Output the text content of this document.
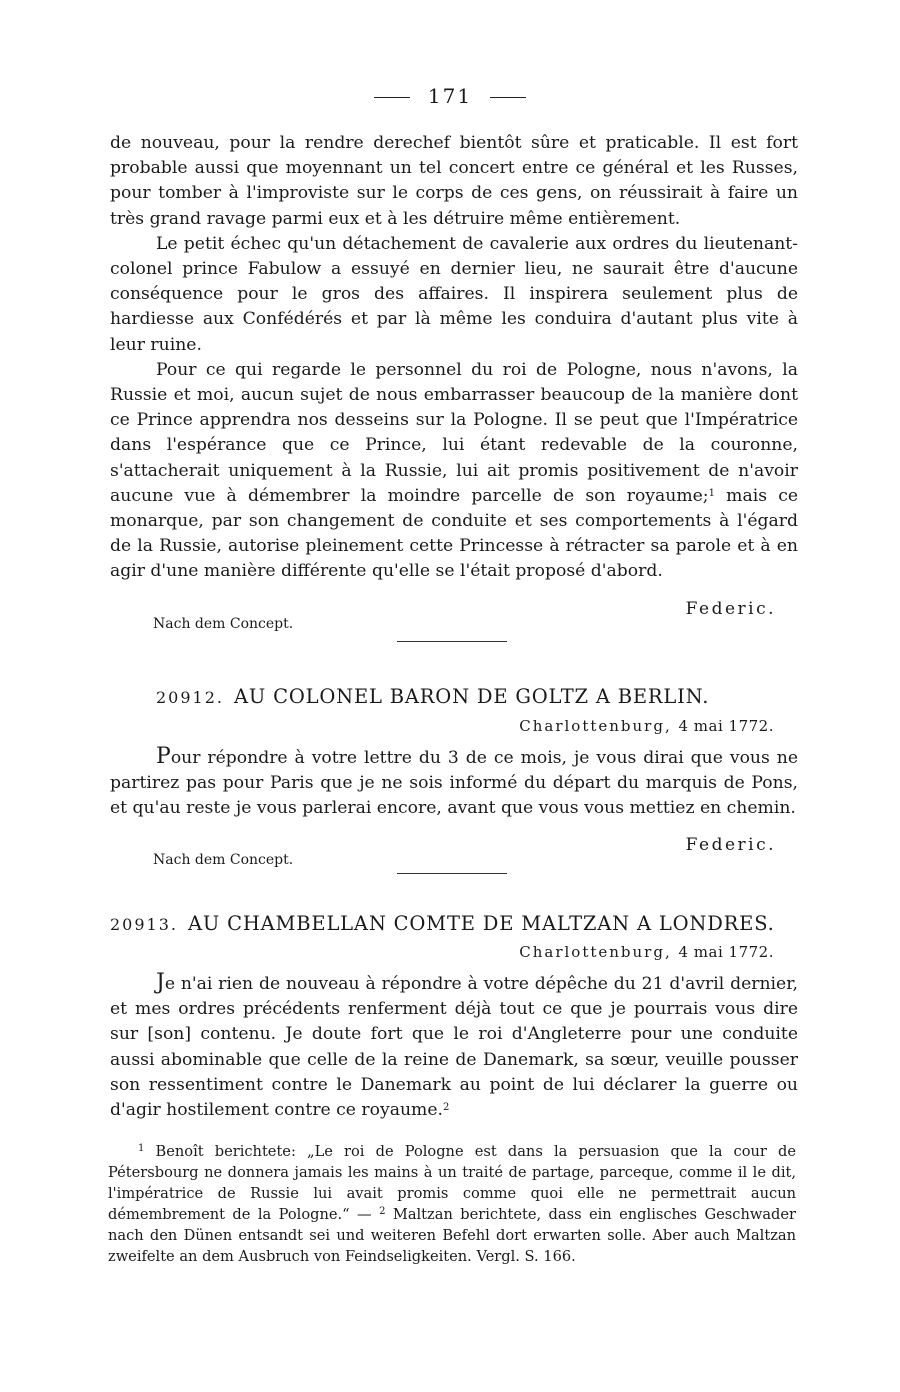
171

de nouveau, pour la rendre derechef bientôt sûre et praticable. Il est fort probable aussi que moyennant un tel concert entre ce général et les Russes, pour tomber à l'improviste sur le corps de ces gens, on réussirait à faire un très grand ravage parmi eux et à les détruire même entièrement.

Le petit échec qu'un détachement de cavalerie aux ordres du lieutenant-colonel prince Fabulow a essuyé en dernier lieu, ne saurait être d'aucune conséquence pour le gros des affaires. Il inspirera seulement plus de hardiesse aux Confédérés et par là même les conduira d'autant plus vite à leur ruine.

Pour ce qui regarde le personnel du roi de Pologne, nous n'avons, la Russie et moi, aucun sujet de nous embarrasser beaucoup de la manière dont ce Prince apprendra nos desseins sur la Pologne. Il se peut que l'Impératrice dans l'espérance que ce Prince, lui étant redevable de la couronne, s'attacherait uniquement à la Russie, lui ait promis positivement de n'avoir aucune vue à démembrer la moindre parcelle de son royaume;$^1$ mais ce monarque, par son changement de conduite et ses comportements à l'égard de la Russie, autorise pleinement cette Princesse à rétracter sa parole et à en agir d'une manière différente qu'elle se l'était proposé d'abord.

Federic.
Nach dem Concept.
20912. AU COLONEL BARON DE GOLTZ A BERLIN.
Charlottenburg, 4 mai 1772.

Pour répondre à votre lettre du 3 de ce mois, je vous dirai que vous ne partirez pas pour Paris que je ne sois informé du départ du marquis de Pons, et qu'au reste je vous parlerai encore, avant que vous vous mettiez en chemin.

Federic.
Nach dem Concept.
20913. AU CHAMBELLAN COMTE DE MALTZAN A LONDRES.
Charlottenburg, 4 mai 1772.

Je n'ai rien de nouveau à répondre à votre dépêche du 21 d'avril dernier, et mes ordres précédents renferment déjà tout ce que je pourrais vous dire sur [son] contenu. Je doute fort que le roi d'Angleterre pour une conduite aussi abominable que celle de la reine de Danemark, sa sœur, veuille pousser son ressentiment contre le Danemark au point de lui déclarer la guerre ou d'agir hostilement contre ce royaume.$^2$

$^1$ Benoît berichtete: „Le roi de Pologne est dans la persuasion que la cour de Pétersbourg ne donnera jamais les mains à un traité de partage, parceque, comme il le dit, l'impératrice de Russie lui avait promis comme quoi elle ne permettrait aucun démembrement de la Pologne.“ — $^2$ Maltzan berichtete, dass ein englisches Geschwader nach den Dünen entsandt sei und weiteren Befehl dort erwarten solle. Aber auch Maltzan zweifelte an dem Ausbruch von Feindseligkeiten. Vergl. S. 166.
